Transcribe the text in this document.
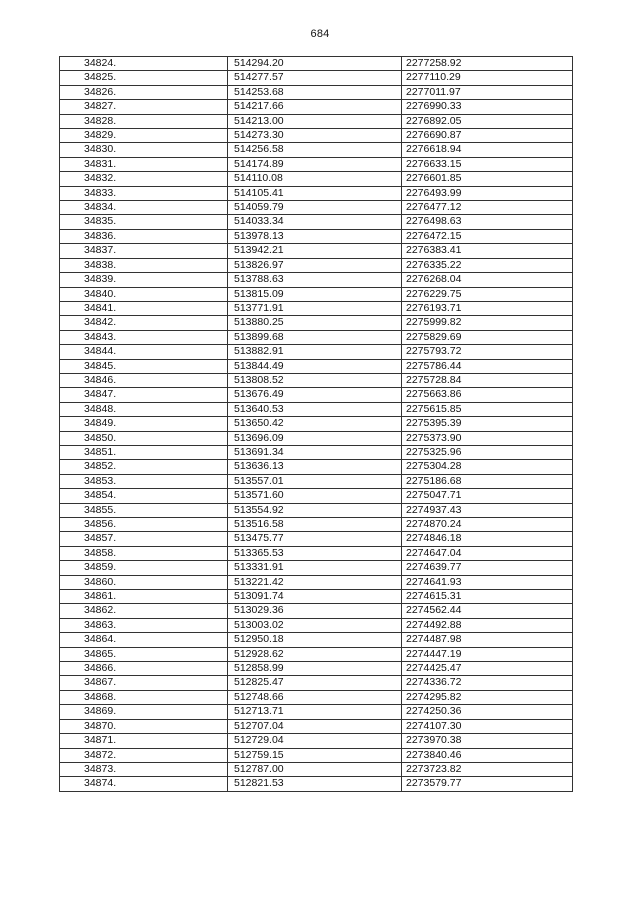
684
34824.	514294.20	2277258.92
34825.	514277.57	2277110.29
34826.	514253.68	2277011.97
34827.	514217.66	2276990.33
34828.	514213.00	2276892.05
34829.	514273.30	2276690.87
34830.	514256.58	2276618.94
34831.	514174.89	2276633.15
34832.	514110.08	2276601.85
34833.	514105.41	2276493.99
34834.	514059.79	2276477.12
34835.	514033.34	2276498.63
34836.	513978.13	2276472.15
34837.	513942.21	2276383.41
34838.	513826.97	2276335.22
34839.	513788.63	2276268.04
34840.	513815.09	2276229.75
34841.	513771.91	2276193.71
34842.	513880.25	2275999.82
34843.	513899.68	2275829.69
34844.	513882.91	2275793.72
34845.	513844.49	2275786.44
34846.	513808.52	2275728.84
34847.	513676.49	2275663.86
34848.	513640.53	2275615.85
34849.	513650.42	2275395.39
34850.	513696.09	2275373.90
34851.	513691.34	2275325.96
34852.	513636.13	2275304.28
34853.	513557.01	2275186.68
34854.	513571.60	2275047.71
34855.	513554.92	2274937.43
34856.	513516.58	2274870.24
34857.	513475.77	2274846.18
34858.	513365.53	2274647.04
34859.	513331.91	2274639.77
34860.	513221.42	2274641.93
34861.	513091.74	2274615.31
34862.	513029.36	2274562.44
34863.	513003.02	2274492.88
34864.	512950.18	2274487.98
34865.	512928.62	2274447.19
34866.	512858.99	2274425.47
34867.	512825.47	2274336.72
34868.	512748.66	2274295.82
34869.	512713.71	2274250.36
34870.	512707.04	2274107.30
34871.	512729.04	2273970.38
34872.	512759.15	2273840.46
34873.	512787.00	2273723.82
34874.	512821.53	2273579.77
